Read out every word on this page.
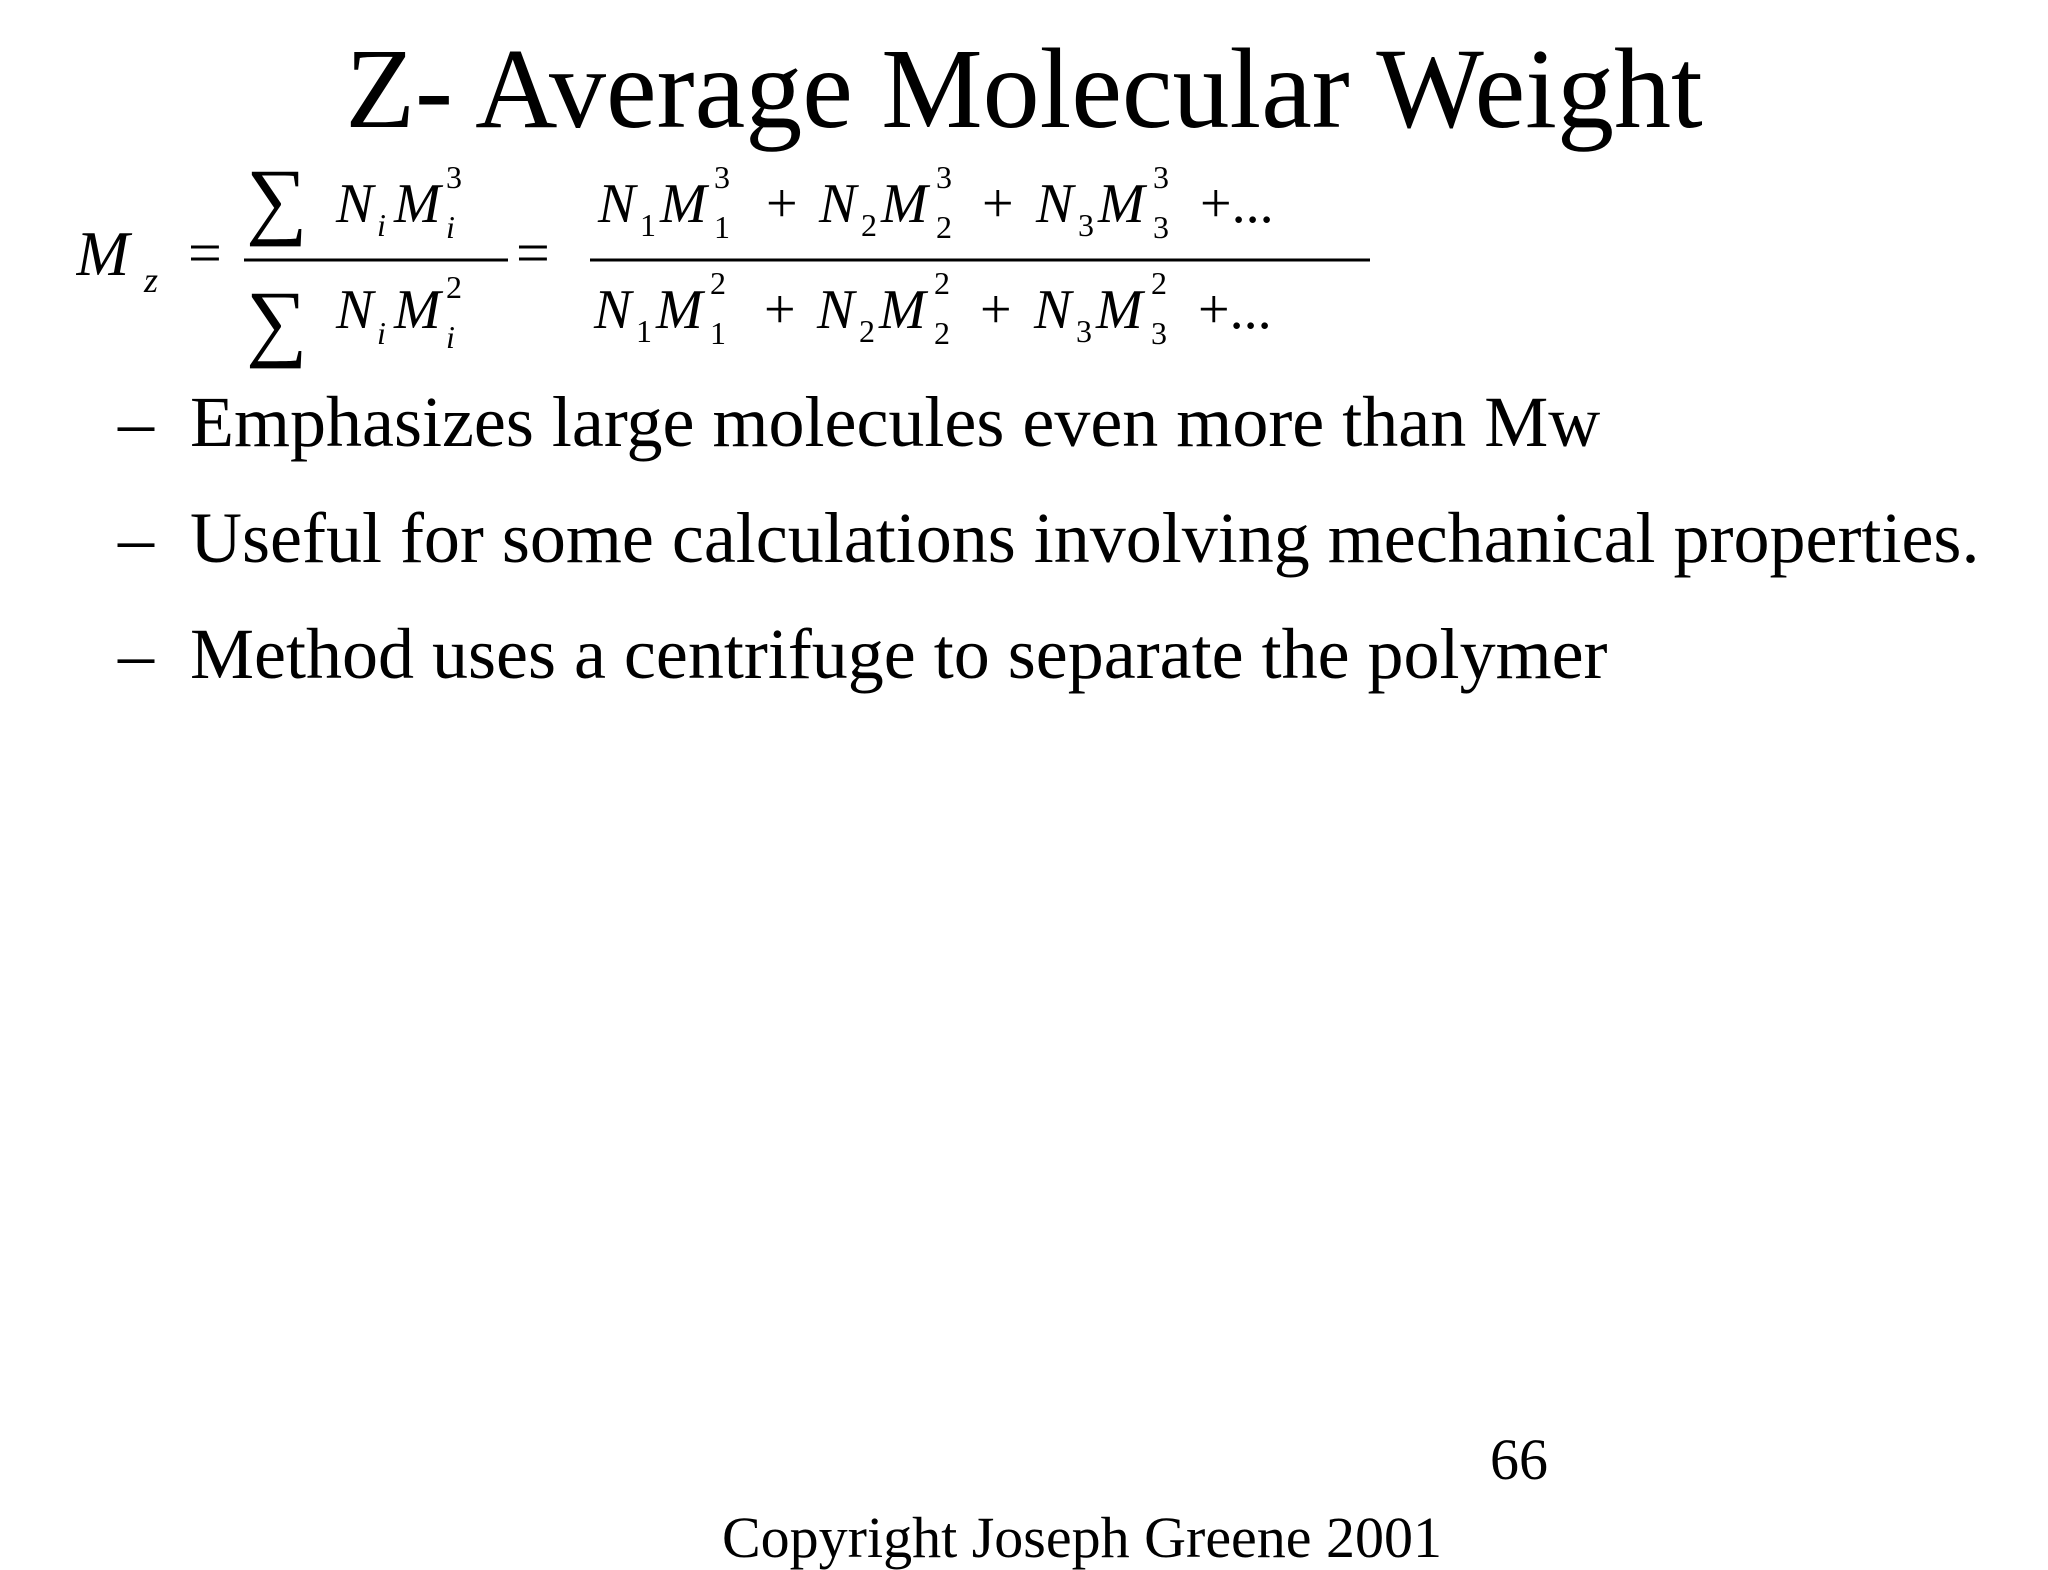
Z- Average Molecular Weight
M z =
∑ N i M 3
i
∑ N i M 2
i
=
N 1 M 3
1 + N 2 M 3
2 + N 3 M 3
3 +...
N 1 M 2
1 + N 2 M 2
2 + N 3 M 2
3 +...
– Emphasizes large molecules even more than Mw
– Useful for some calculations involving mechanical properties.
– Method uses a centrifuge to separate the polymer
66
Copyright Joseph Greene 2001
